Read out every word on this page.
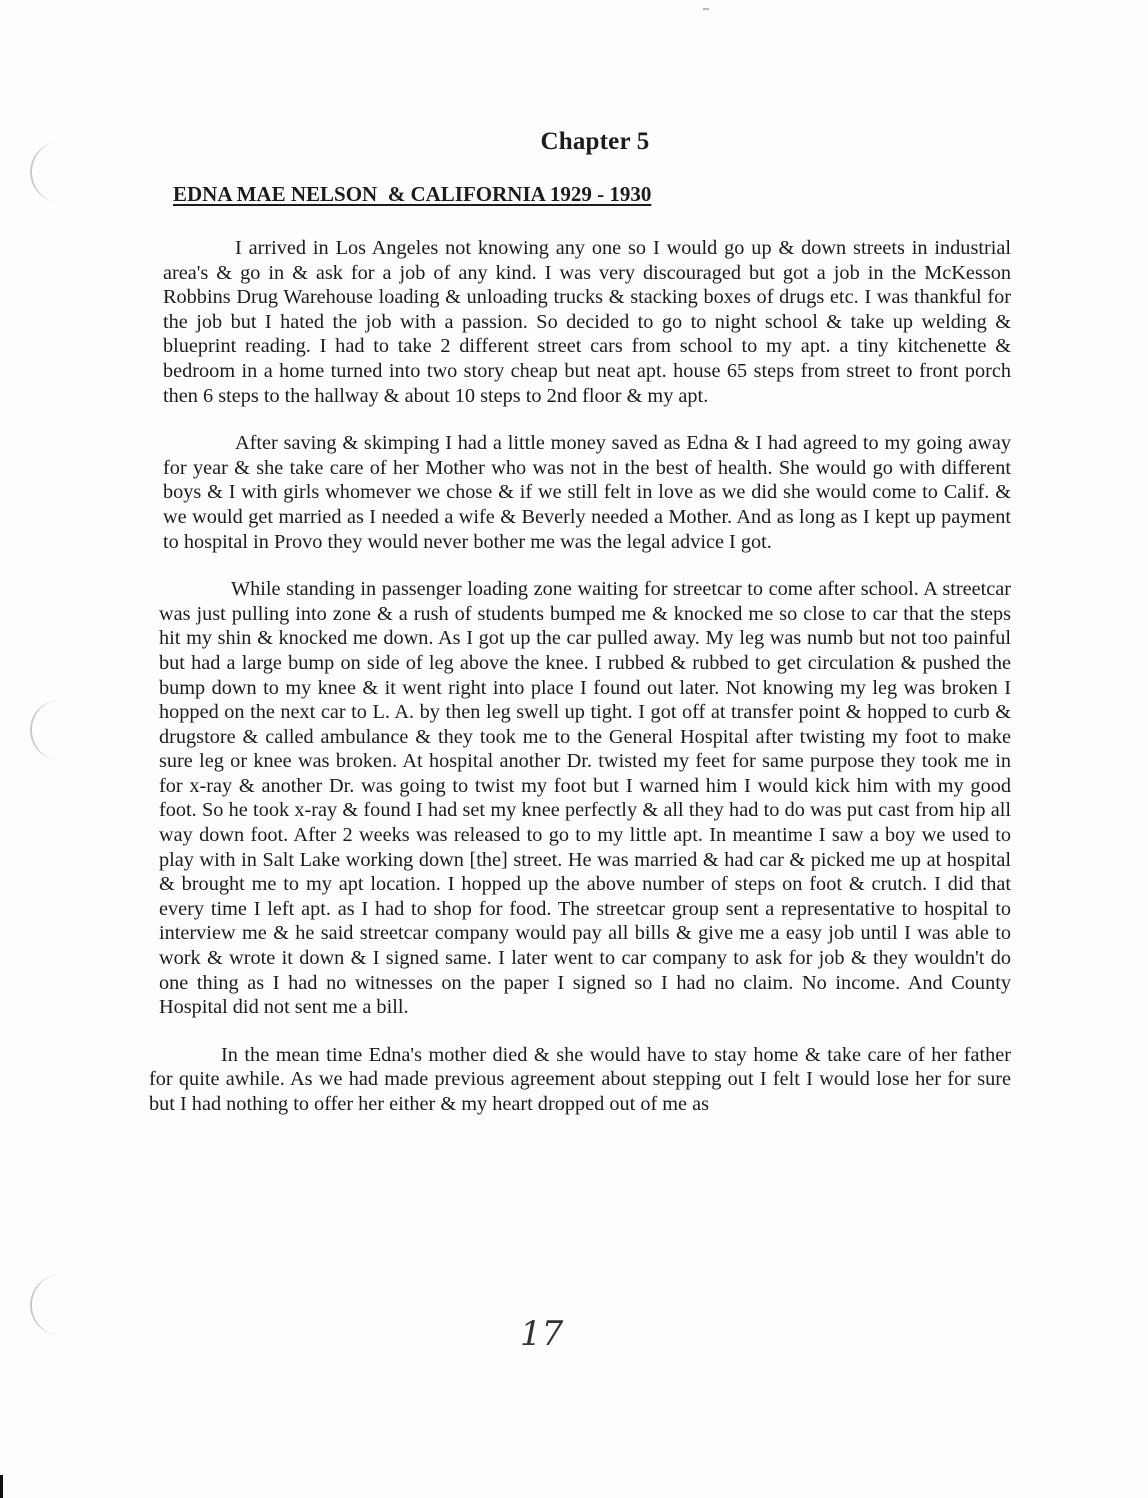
Chapter 5
EDNA MAE NELSON  & CALIFORNIA 1929 - 1930

I arrived in Los Angeles not knowing any one so I would go up & down streets in industrial area's & go in & ask for a job of any kind. I was very discouraged but got a job in the McKesson Robbins Drug Warehouse loading & unloading trucks & stacking boxes of drugs etc. I was thankful for the job but I hated the job with a passion. So decided to go to night school & take up welding & blueprint reading. I had to take 2 different street cars from school to my apt. a tiny kitchenette & bedroom in a home turned into two story cheap but neat apt. house 65 steps from street to front porch then 6 steps to the hallway & about 10 steps to 2nd floor & my apt.

After saving & skimping I had a little money saved as Edna & I had agreed to my going away for year & she take care of her Mother who was not in the best of health. She would go with different boys & I with girls whomever we chose & if we still felt in love as we did she would come to Calif. & we would get married as I needed a wife & Beverly needed a Mother. And as long as I kept up payment to hospital in Provo they would never bother me was the legal advice I got.

While standing in passenger loading zone waiting for streetcar to come after school. A streetcar was just pulling into zone & a rush of students bumped me & knocked me so close to car that the steps hit my shin & knocked me down. As I got up the car pulled away. My leg was numb but not too painful but had a large bump on side of leg above the knee. I rubbed & rubbed to get circulation & pushed the bump down to my knee & it went right into place I found out later. Not knowing my leg was broken I hopped on the next car to L. A. by then leg swell up tight. I got off at transfer point & hopped to curb & drugstore & called ambulance & they took me to the General Hospital after twisting my foot to make sure leg or knee was broken. At hospital another Dr. twisted my feet for same purpose they took me in for x-ray & another Dr. was going to twist my foot but I warned him I would kick him with my good foot. So he took x-ray & found I had set my knee perfectly & all they had to do was put cast from hip all way down foot. After 2 weeks was released to go to my little apt. In meantime I saw a boy we used to play with in Salt Lake working down [the] street. He was married & had car & picked me up at hospital & brought me to my apt location. I hopped up the above number of steps on foot & crutch. I did that every time I left apt. as I had to shop for food. The streetcar group sent a representative to hospital to interview me & he said streetcar company would pay all bills & give me a easy job until I was able to work & wrote it down & I signed same. I later went to car company to ask for job & they wouldn't do one thing as I had no witnesses on the paper I signed so I had no claim. No income. And County Hospital did not sent me a bill.

In the mean time Edna's mother died & she would have to stay home & take care of her father for quite awhile. As we had made previous agreement about stepping out I felt I would lose her for sure but I had nothing to offer her either & my heart dropped out of me as

17
